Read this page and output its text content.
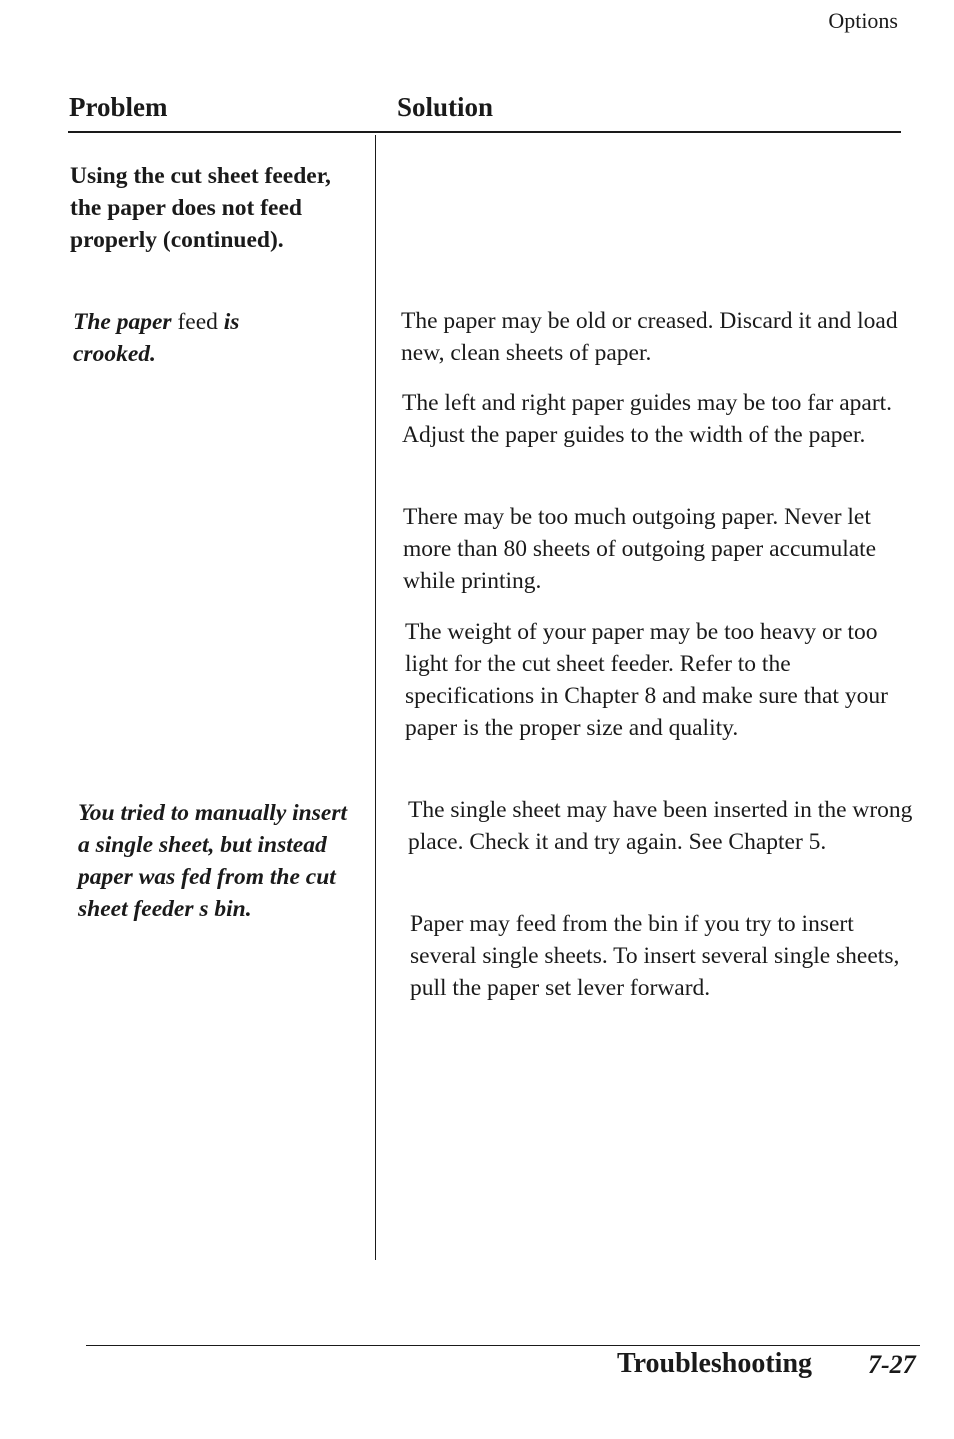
Options
Problem	Solution

Using the cut sheet feeder, the paper does not feed properly (continued).

The paper feed is crooked.

You tried to manually insert a single sheet, but instead paper was fed from the cut sheet feeder s bin.

The paper may be old or creased. Discard it and load new, clean sheets of paper.

The left and right paper guides may be too far apart. Adjust the paper guides to the width of the paper.

There may be too much outgoing paper. Never let more than 80 sheets of outgoing paper accumulate while printing.

The weight of your paper may be too heavy or too light for the cut sheet feeder. Refer to the specifications in Chapter 8 and make sure that your paper is the proper size and quality.

The single sheet may have been inserted in the wrong place. Check it and try again. See Chapter 5.

Paper may feed from the bin if you try to insert several single sheets. To insert several single sheets, pull the paper set lever forward.

Troubleshooting 7-27
